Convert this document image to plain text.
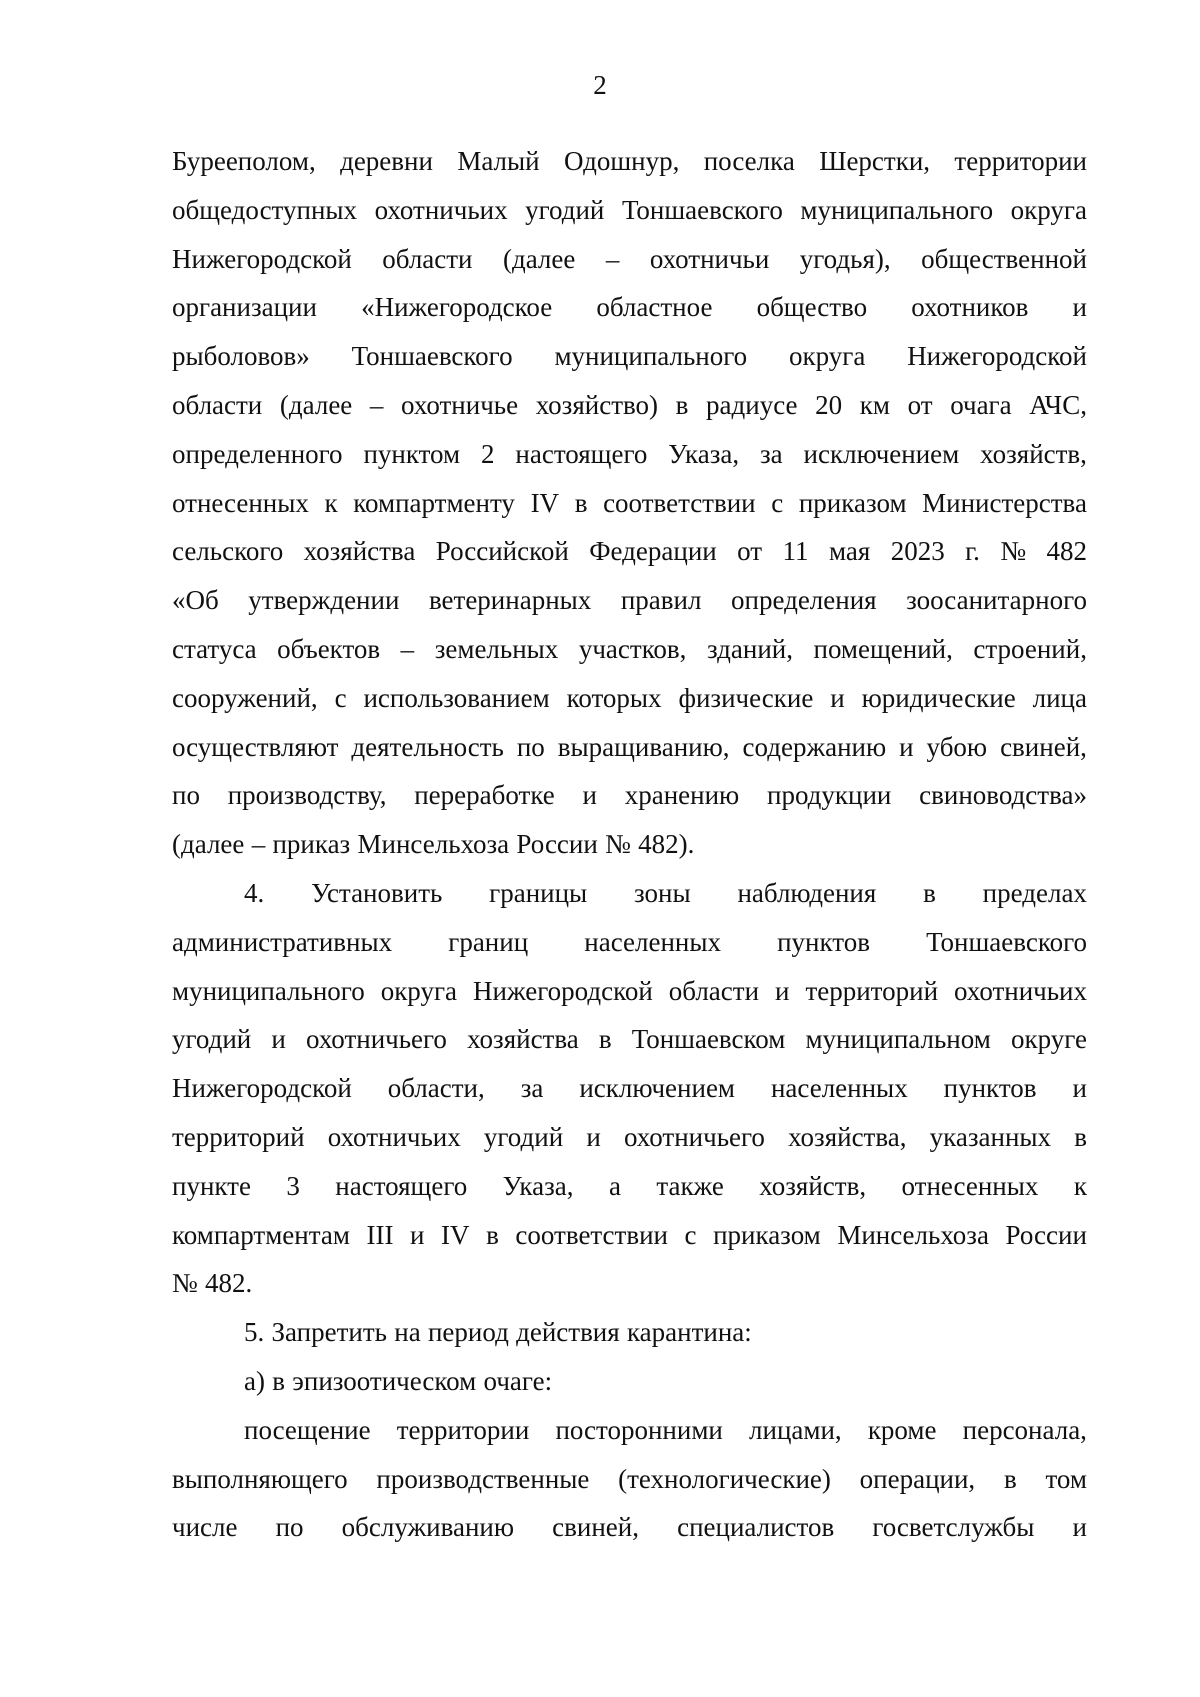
2
Бурееполом, деревни Малый Одошнур, поселка Шерстки, территории
общедоступных охотничьих угодий Тоншаевского муниципального округа
Нижегородской области (далее – охотничьи угодья), общественной
организации «Нижегородское областное общество охотников и
рыболовов» Тоншаевского муниципального округа Нижегородской
области (далее – охотничье хозяйство) в радиусе 20 км от очага АЧС,
определенного пунктом 2 настоящего Указа, за исключением хозяйств,
отнесенных к компартменту IV в соответствии с приказом Министерства
сельского хозяйства Российской Федерации от 11 мая 2023 г. № 482
«Об утверждении ветеринарных правил определения зоосанитарного
статуса объектов – земельных участков, зданий, помещений, строений,
сооружений, с использованием которых физические и юридические лица
осуществляют деятельность по выращиванию, содержанию и убою свиней,
по производству, переработке и хранению продукции свиноводства»
(далее – приказ Минсельхоза России № 482).
4. Установить границы зоны наблюдения в пределах
административных границ населенных пунктов Тоншаевского
муниципального округа Нижегородской области и территорий охотничьих
угодий и охотничьего хозяйства в Тоншаевском муниципальном округе
Нижегородской области, за исключением населенных пунктов и
территорий охотничьих угодий и охотничьего хозяйства, указанных в
пункте 3 настоящего Указа, а также хозяйств, отнесенных к
компартментам III и IV в соответствии с приказом Минсельхоза России
№ 482.
5. Запретить на период действия карантина:
а) в эпизоотическом очаге:
посещение территории посторонними лицами, кроме персонала,
выполняющего производственные (технологические) операции, в том
числе по обслуживанию свиней, специалистов госветслужбы и
